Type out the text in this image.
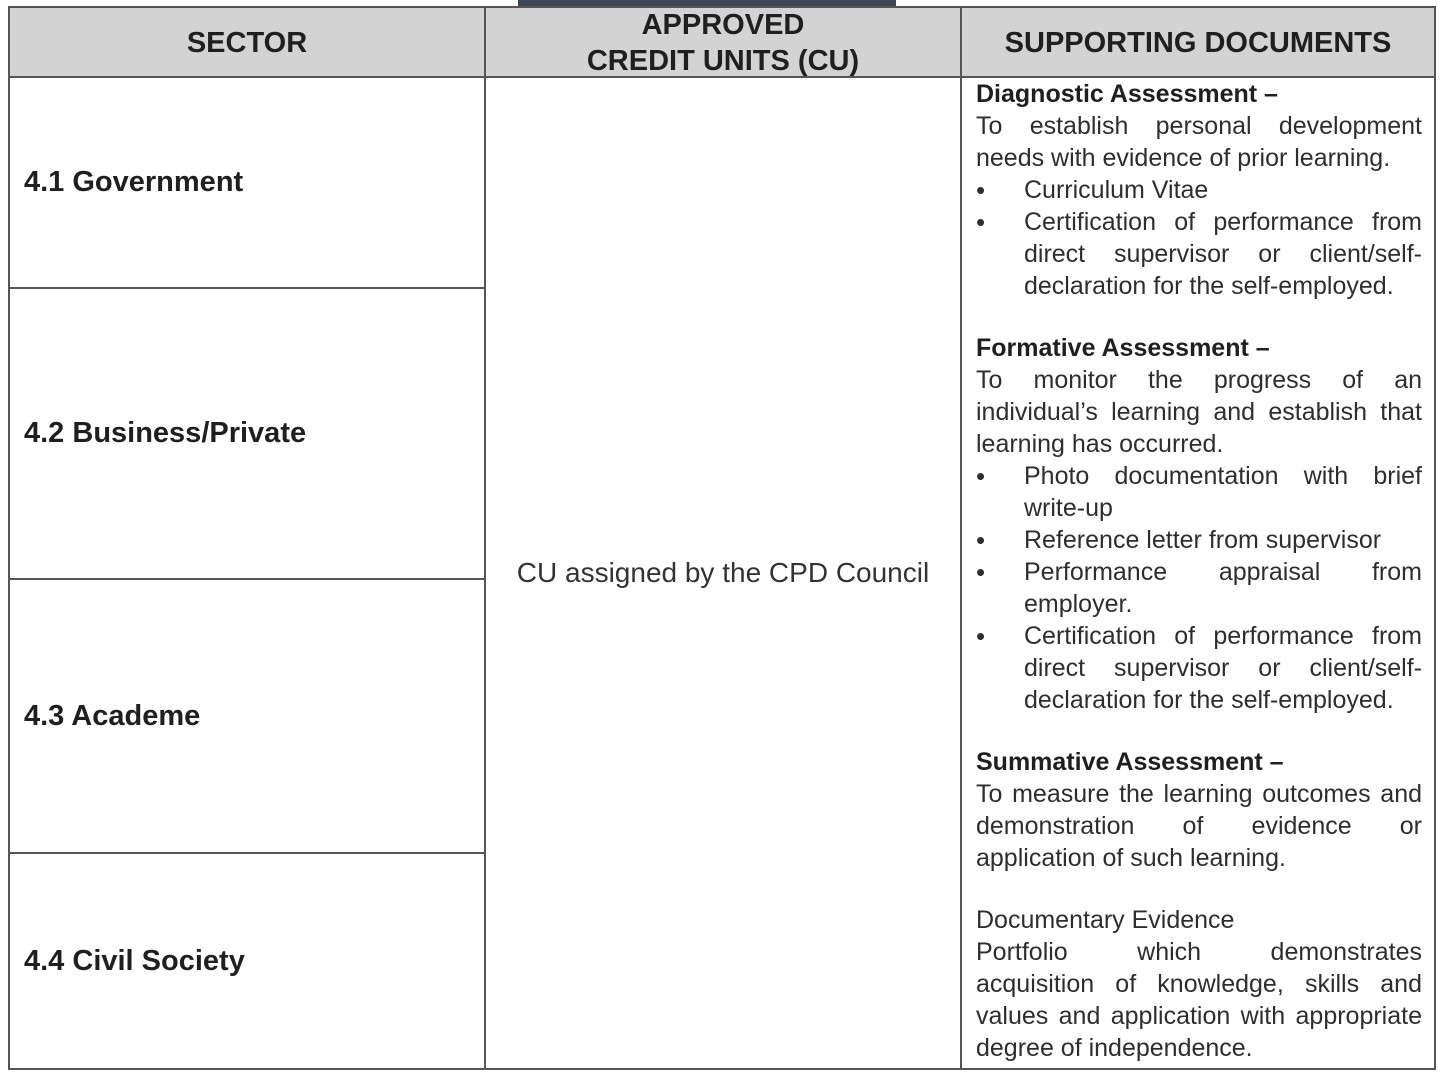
SECTOR
APPROVED
CREDIT UNITS (CU)
SUPPORTING DOCUMENTS
4.1 Government
4.2 Business/Private
4.3 Academe
4.4 Civil Society
CU assigned by the CPD Council
Diagnostic Assessment –
To establish personal development needs with evidence of prior learning.
• Curriculum Vitae
• Certification of performance from direct supervisor or client/self-declaration for the self-employed.
Formative Assessment –
To monitor the progress of an individual’s learning and establish that learning has occurred.
• Photo documentation with brief write-up
• Reference letter from supervisor
• Performance appraisal from employer.
• Certification of performance from direct supervisor or client/self-declaration for the self-employed.
Summative Assessment –
To measure the learning outcomes and demonstration of evidence or application of such learning.
Documentary Evidence
Portfolio which demonstrates acquisition of knowledge, skills and values and application with appropriate degree of independence.
